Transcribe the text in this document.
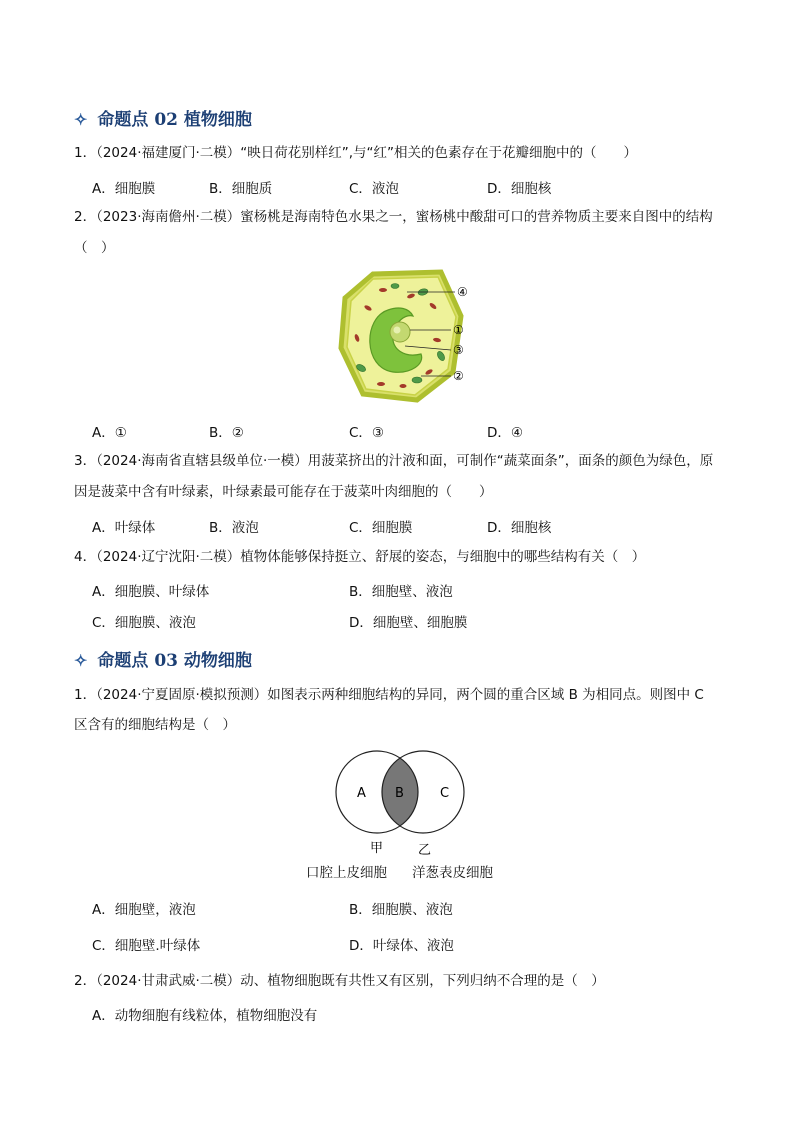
✧ 命题点 02 植物细胞
1．（2024·福建厦门·二模）“映日荷花别样红”,与“红”相关的色素存在于花瓣细胞中的（　　）
A．细胞膜	B．细胞质	C．液泡	D．细胞核
2．（2023·海南儋州·二模）蜜杨桃是海南特色水果之一，蜜杨桃中酸甜可口的营养物质主要来自图中的结构
（　）
④
①
③
②
A．①	B．②	C．③	D．④
3．（2024·海南省直辖县级单位·一模）用菠菜挤出的汁液和面，可制作“蔬菜面条”，面条的颜色为绿色，原
因是菠菜中含有叶绿素，叶绿素最可能存在于菠菜叶肉细胞的（　　）
A．叶绿体	B．液泡	C．细胞膜	D．细胞核
4．（2024·辽宁沈阳·二模）植物体能够保持挺立、舒展的姿态，与细胞中的哪些结构有关（　）
A．细胞膜、叶绿体	B．细胞壁、液泡
C．细胞膜、液泡	D．细胞壁、细胞膜
✧ 命题点 03 动物细胞
1．（2024·宁夏固原·模拟预测）如图表示两种细胞结构的异同，两个圆的重合区域 B 为相同点。则图中 C
区含有的细胞结构是（　）
A B	C
甲	乙
口腔上皮细胞 洋葱表皮细胞
A．细胞壁，液泡	B．细胞膜、液泡
C．细胞壁.叶绿体	D．叶绿体、液泡
2．（2024·甘肃武威·二模）动、植物细胞既有共性又有区别，下列归纳不合理的是（　）
A．动物细胞有线粒体，植物细胞没有
